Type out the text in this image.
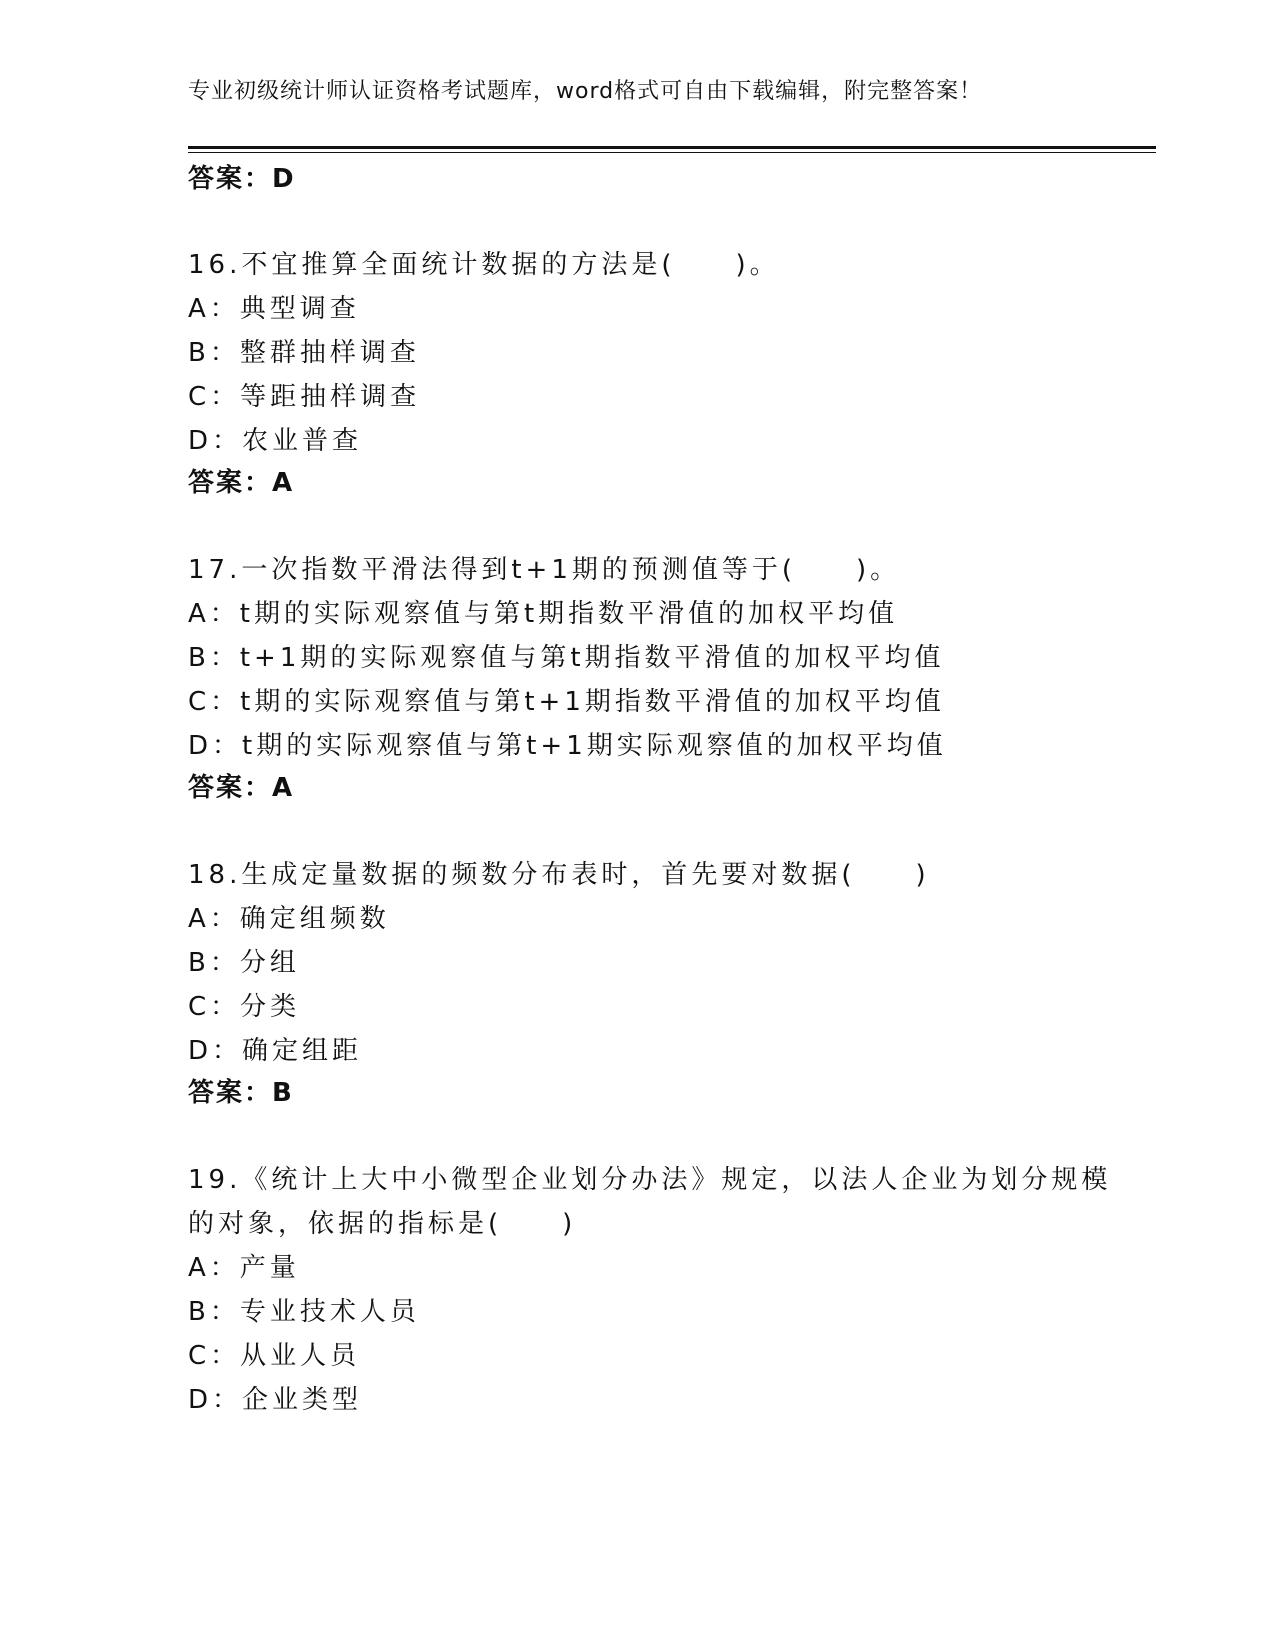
专业初级统计师认证资格考试题库，word格式可自由下载编辑，附完整答案！
答案：D
16.不宜推算全面统计数据的方法是(　　)。
A：典型调查
B：整群抽样调查
C：等距抽样调查
D：农业普查
答案：A
17.一次指数平滑法得到t+1期的预测值等于(　　)。
A：t期的实际观察值与第t期指数平滑值的加权平均值
B：t+1期的实际观察值与第t期指数平滑值的加权平均值
C：t期的实际观察值与第t+1期指数平滑值的加权平均值
D：t期的实际观察值与第t+1期实际观察值的加权平均值
答案：A
18.生成定量数据的频数分布表时，首先要对数据(　　)
A：确定组频数
B：分组
C：分类
D：确定组距
答案：B
19.《统计上大中小微型企业划分办法》规定，以法人企业为划分规模
的对象，依据的指标是(　　)
A：产量
B：专业技术人员
C：从业人员
D：企业类型
